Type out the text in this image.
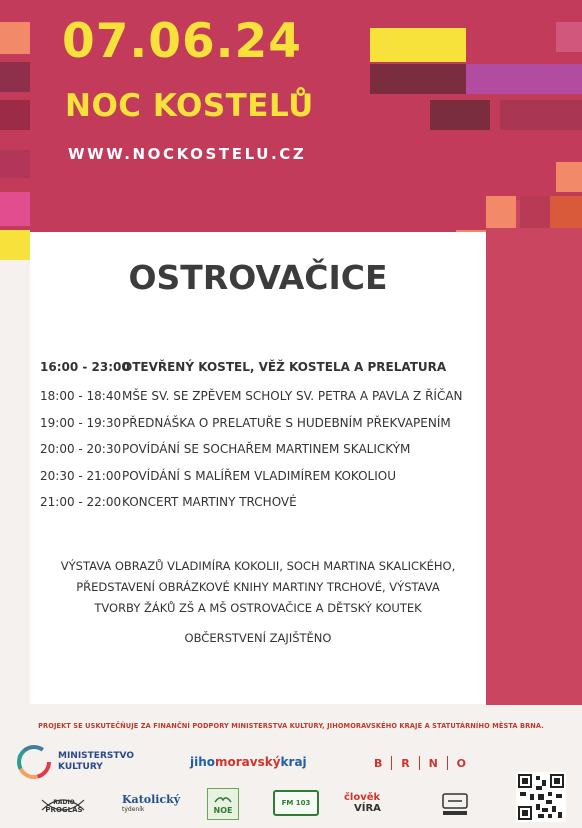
07.06.24
NOC KOSTELŮ
WWW.NOCKOSTELU.CZ
OSTROVAČICE
16:00 - 23:00
OTEVŘENÝ KOSTEL, VĚŽ KOSTELA A PRELATURA
18:00 - 18:40 MŠE SV. SE ZPĚVEM SCHOLY SV. PETRA A PAVLA Z ŘÍČAN
19:00 - 19:30 PŘEDNÁŠKA O PRELATUŘE S HUDEBNÍM PŘEKVAPENÍM
20:00 - 20:30 POVÍDÁNÍ SE SOCHAŘEM MARTINEM SKALICKÝM
20:30 - 21:00 POVÍDÁNÍ S MALÍŘEM VLADIMÍREM KOKOLIOU
21:00 - 22:00 KONCERT MARTINY TRCHOVÉ
VÝSTAVA OBRAZŮ VLADIMÍRA KOKOLII, SOCH MARTINA SKALICKÉHO,
PŘEDSTAVENÍ OBRÁZKOVÉ KNIHY MARTINY TRCHOVÉ, VÝSTAVA
TVORBY ŽÁKŮ ZŠ A MŠ OSTROVAČICE A DĚTSKÝ KOUTEK
OBČERSTVENÍ ZAJIŠTĚNO
PROJEKT SE USKUTEČŇUJE ZA FINANČNÍ PODPORY MINISTERSTVA KULTURY, JIHOMORAVSKÉHO KRAJE A STATUTÁRNÍHO MĚSTA BRNA.
MINISTERSTVO
KULTURY	jiho moravský kraj	B R N O
RADIO
PROGLAS
Katolický
týdeník	NOE
FM 103	člověk
VÍRA
